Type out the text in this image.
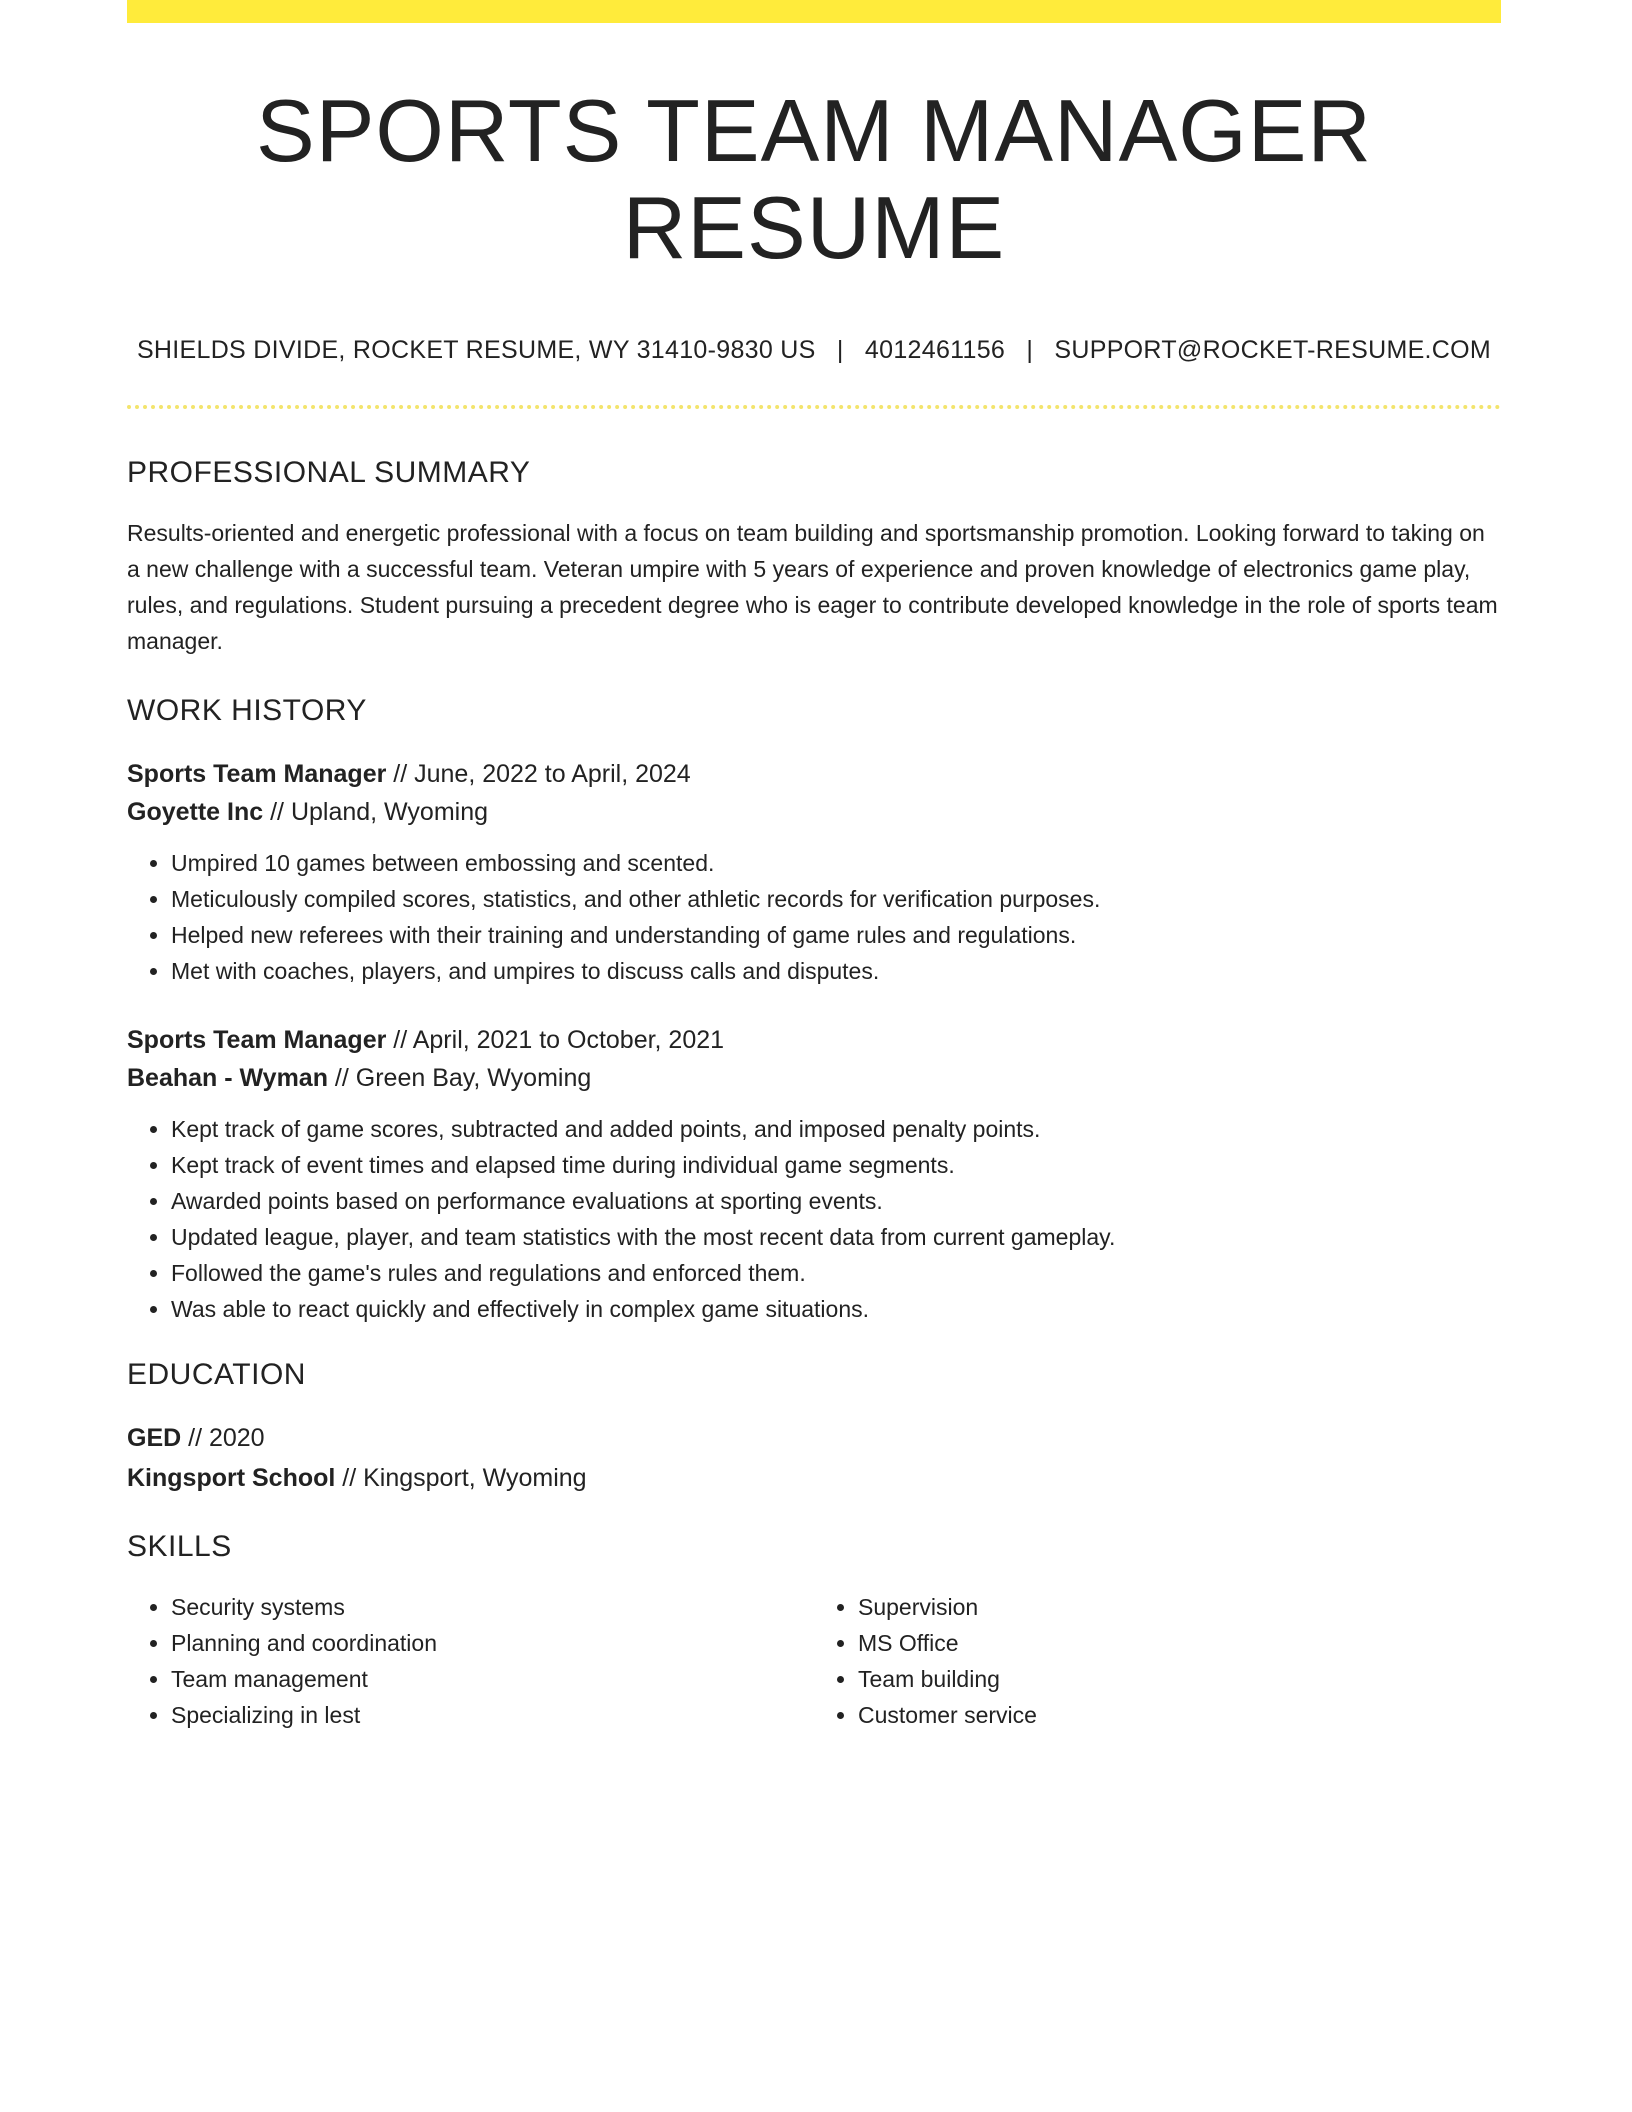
SPORTS TEAM MANAGER RESUME
SHIELDS DIVIDE, ROCKET RESUME, WY 31410-9830 US | 4012461156 | SUPPORT@ROCKET-RESUME.COM
PROFESSIONAL SUMMARY

Results-oriented and energetic professional with a focus on team building and sportsmanship promotion. Looking forward to taking on a new challenge with a successful team. Veteran umpire with 5 years of experience and proven knowledge of electronics game play, rules, and regulations. Student pursuing a precedent degree who is eager to contribute developed knowledge in the role of sports team manager.

WORK HISTORY
Sports Team Manager // June, 2022 to April, 2024
Goyette Inc // Upland, Wyoming
• Umpired 10 games between embossing and scented.
• Meticulously compiled scores, statistics, and other athletic records for verification purposes.
• Helped new referees with their training and understanding of game rules and regulations.
• Met with coaches, players, and umpires to discuss calls and disputes.
Sports Team Manager // April, 2021 to October, 2021
Beahan - Wyman // Green Bay, Wyoming
• Kept track of game scores, subtracted and added points, and imposed penalty points.
• Kept track of event times and elapsed time during individual game segments.
• Awarded points based on performance evaluations at sporting events.
• Updated league, player, and team statistics with the most recent data from current gameplay.
• Followed the game's rules and regulations and enforced them.
• Was able to react quickly and effectively in complex game situations.
EDUCATION
GED // 2020
Kingsport School // Kingsport, Wyoming
SKILLS
• Security systems
• Planning and coordination
• Team management
• Specializing in lest
• Supervision
• MS Office
• Team building
• Customer service
